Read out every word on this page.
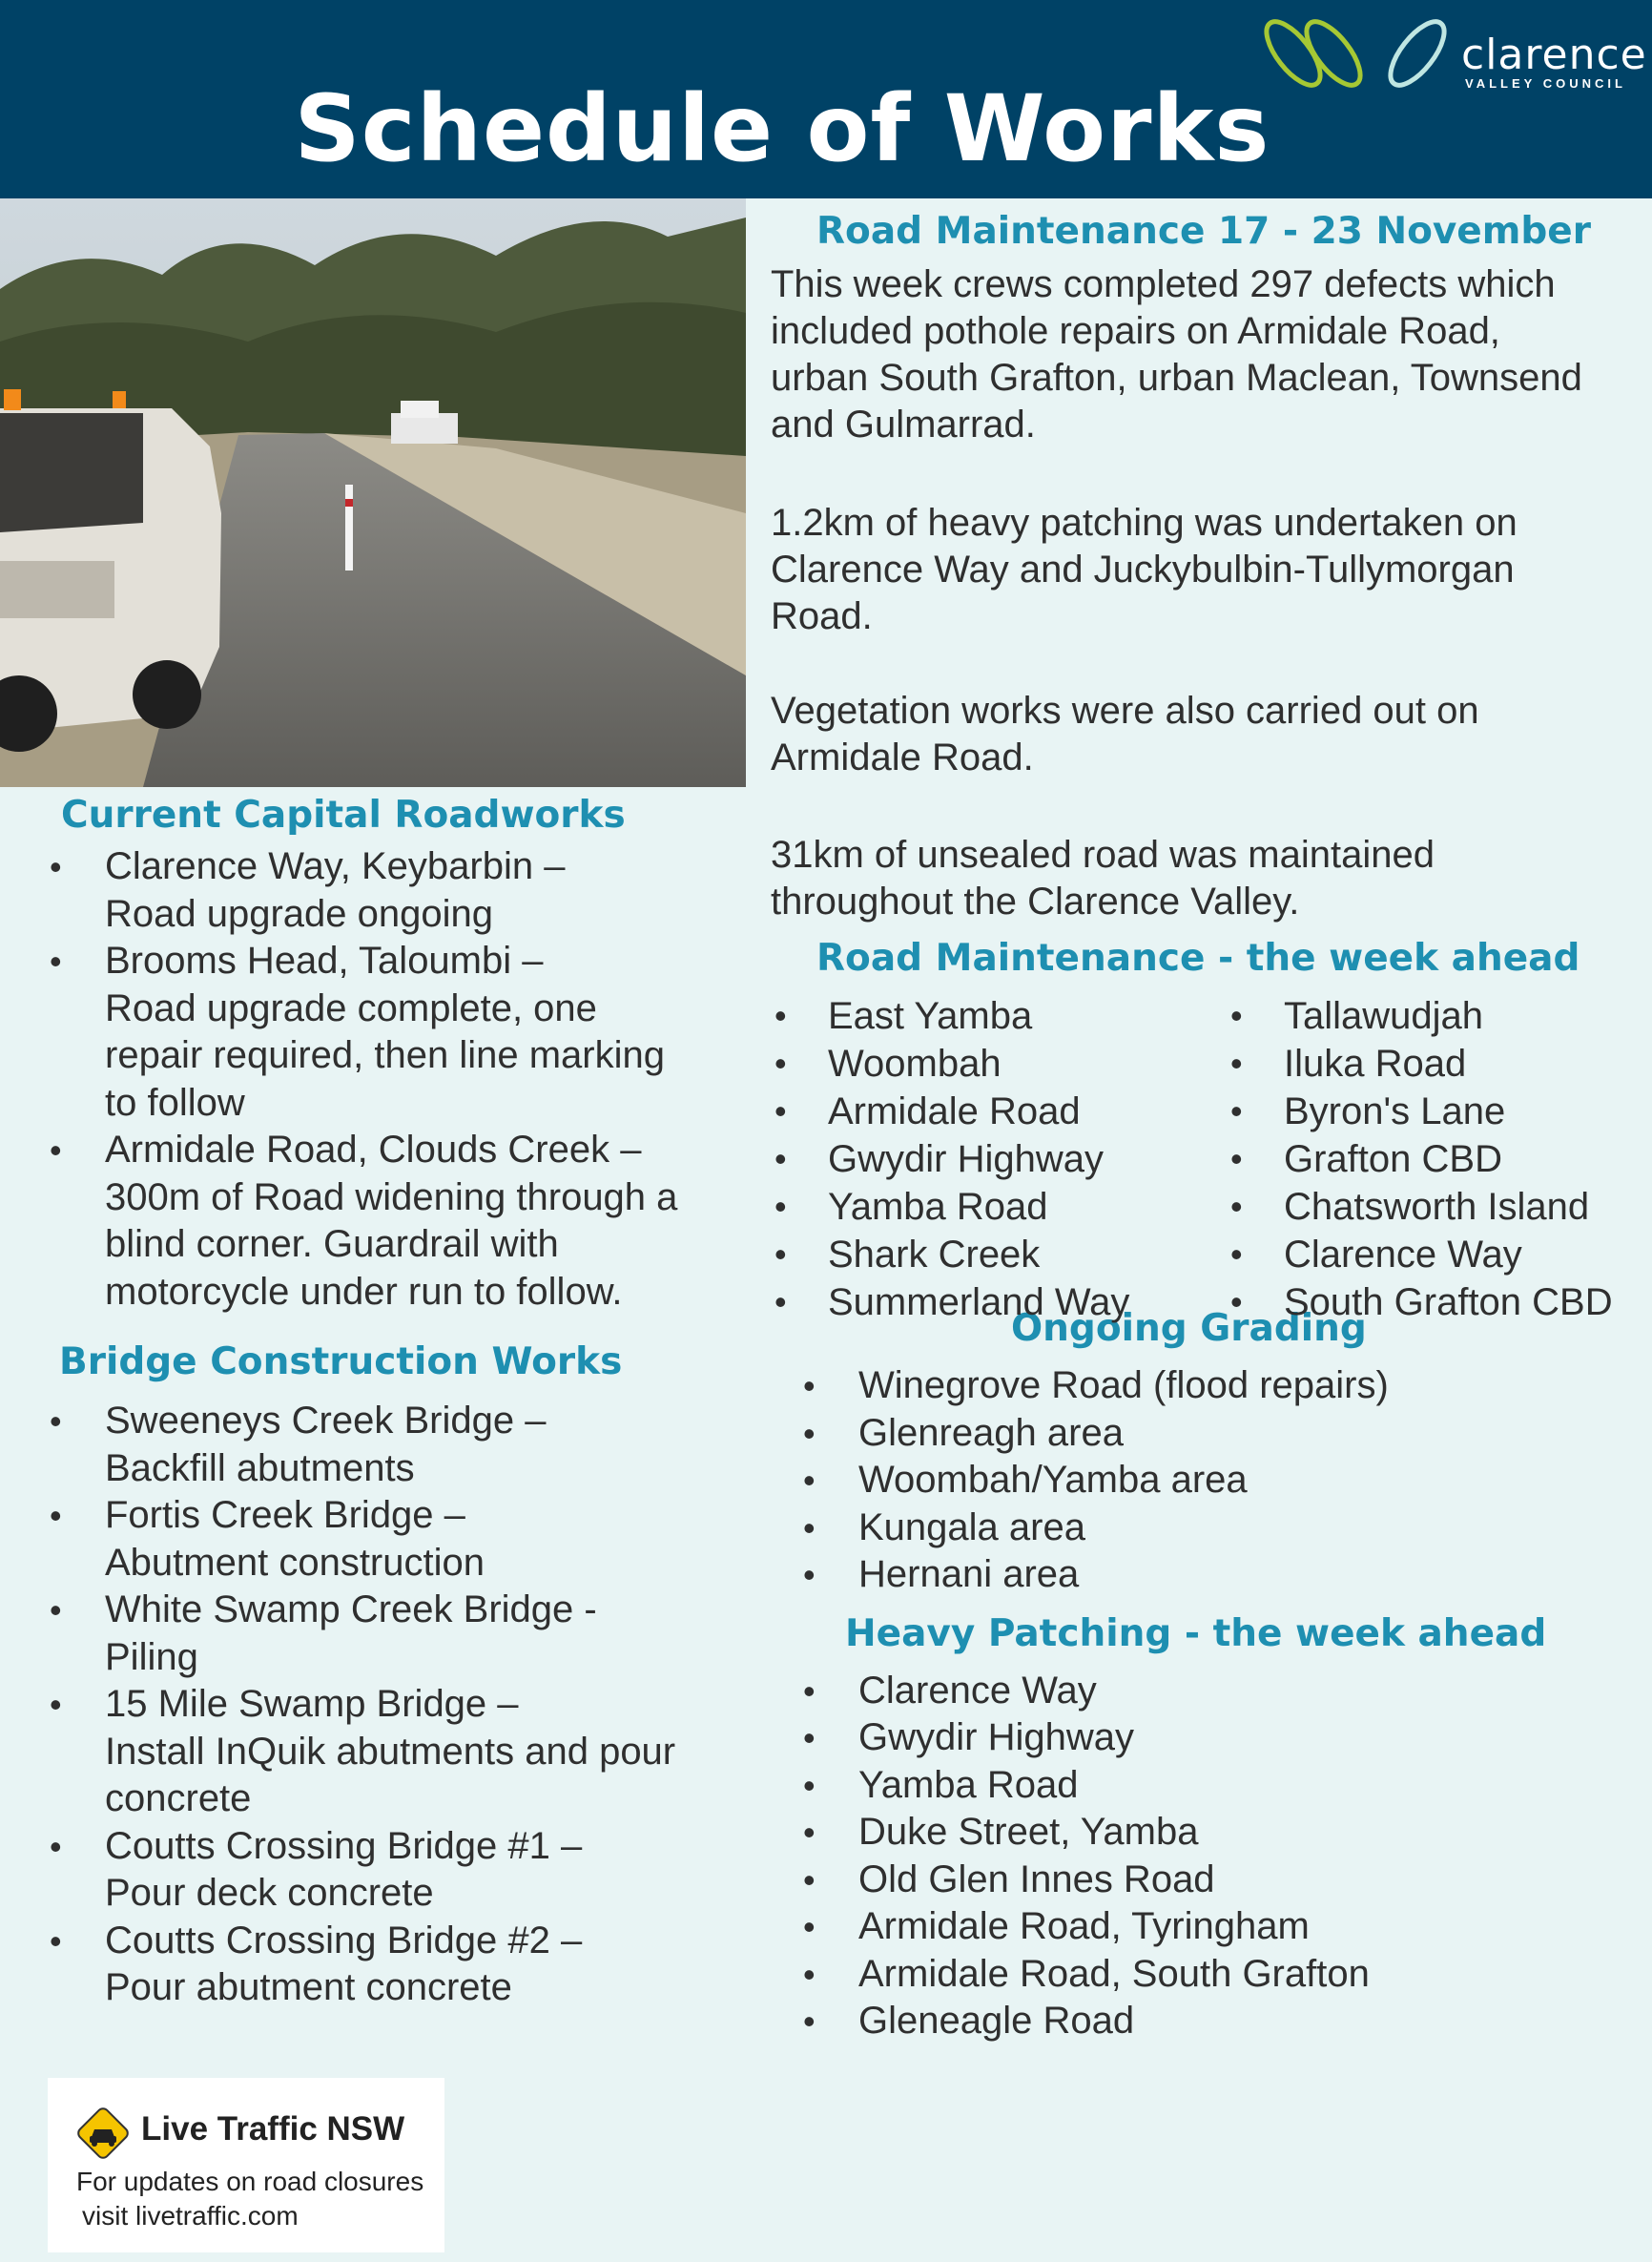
clarence
VALLEY COUNCIL
Schedule of Works
Current Capital Roadworks
• Clarence Way, Keybarbin –
Road upgrade ongoing
• Brooms Head, Taloumbi –
Road upgrade complete, one
repair required, then line marking
to follow
• Armidale Road, Clouds Creek –
300m of Road widening through a
blind corner. Guardrail with
motorcycle under run to follow.
Bridge Construction Works
• Sweeneys Creek Bridge –
Backfill abutments
• Fortis Creek Bridge –
Abutment construction
• White Swamp Creek Bridge -
Piling
• 15 Mile Swamp Bridge –
Install InQuik abutments and pour
concrete
• Coutts Crossing Bridge #1 –
Pour deck concrete
• Coutts Crossing Bridge #2 –
Pour abutment concrete
Road Maintenance 17 - 23 November
This week crews completed 297 defects which
included pothole repairs on Armidale Road,
urban South Grafton, urban Maclean, Townsend
and Gulmarrad.
1.2km of heavy patching was undertaken on
Clarence Way and Juckybulbin-Tullymorgan
Road.
Vegetation works were also carried out on
Armidale Road.
31km of unsealed road was maintained
throughout the Clarence Valley.
Road Maintenance - the week ahead
• East Yamba
• Woombah
• Armidale Road
• Gwydir Highway
• Yamba Road
• Shark Creek
• Summerland Way
• Tallawudjah
• Iluka Road
• Byron's Lane
• Grafton CBD
• Chatsworth Island
• Clarence Way
• South Grafton CBD
Ongoing Grading
• Winegrove Road (flood repairs)
• Glenreagh area
• Woombah/Yamba area
• Kungala area
• Hernani area
Heavy Patching - the week ahead
• Clarence Way
• Gwydir Highway
• Yamba Road
• Duke Street, Yamba
• Old Glen Innes Road
• Armidale Road, Tyringham
• Armidale Road, South Grafton
• Gleneagle Road
Live Traffic NSW
For updates on road closures
visit livetraffic.com
